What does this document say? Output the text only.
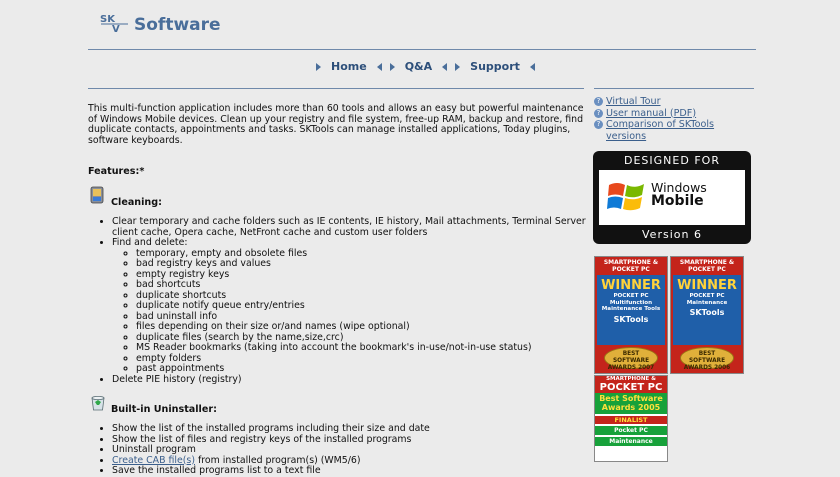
SK
V Software
Home	Q&A	Support
This multi-function application includes more than 60 tools and allows an easy but powerful maintenance of Windows Mobile devices. Clean up your registry and file system, free-up RAM, backup and restore, find duplicate contacts, appointments and tasks. SKTools can manage installed applications, Today plugins, software keyboards.
Features:*
Cleaning:
• Clear temporary and cache folders such as IE contents, IE history, Mail attachments, Terminal Server client cache, Opera cache, NetFront cache and custom user folders
• Find and delete:
◦ temporary, empty and obsolete files
◦ bad registry keys and values
◦ empty registry keys
◦ bad shortcuts
◦ duplicate shortcuts
◦ duplicate notify queue entry/entries
◦ bad uninstall info
◦ files depending on their size or/and names (wipe optional)
◦ duplicate files (search by the name,size,crc)
◦ MS Reader bookmarks (taking into account the bookmark's in-use/not-in-use status)
◦ empty folders
◦ past appointments
• Delete PIE history (registry)
Built-in Uninstaller:
• Show the list of the installed programs including their size and date
• Show the list of files and registry keys of the installed programs
• Uninstall program
• Create CAB file(s) from installed program(s) (WM5/6)
• Save the installed programs list to a text file
? Virtual Tour
? User manual (PDF)
? Comparison of SKTools versions
DESIGNED FOR
Windows
Mobile
Version 6
SMARTPHONE & POCKET PC
WINNER
POCKET PC Multifunction Maintenance Tools
SKTools
BEST SOFTWARE AWARDS 2007
SMARTPHONE & POCKET PC
WINNER
POCKET PC Maintenance
SKTools
BEST SOFTWARE AWARDS 2006
SMARTPHONE &
POCKET PC
Best Software Awards 2005
FINALIST
Pocket PC
Maintenance
